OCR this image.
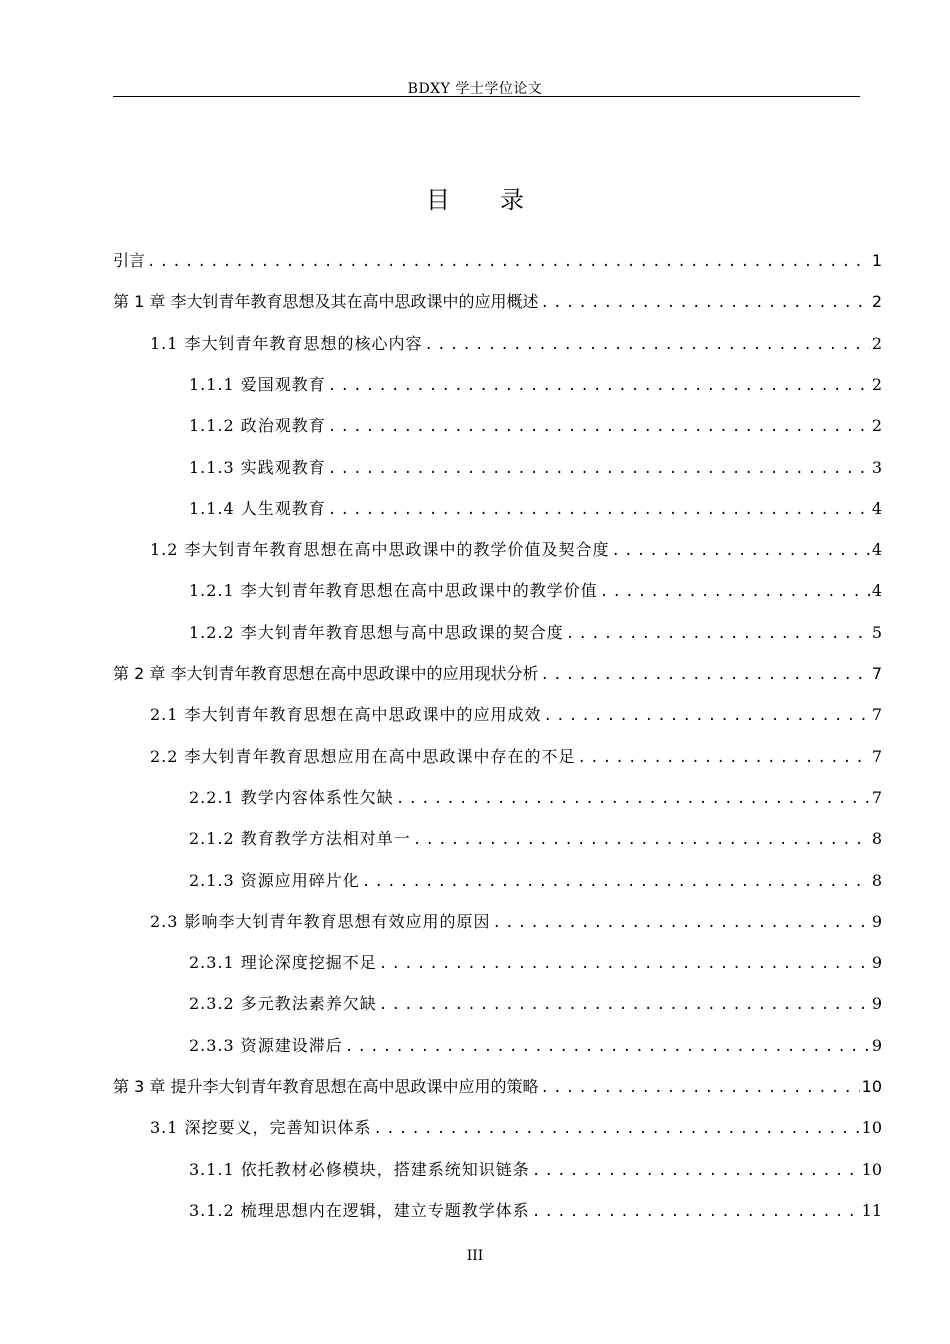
BDXY 学士学位论文
目录
引言 .....	1
第 1 章 李大钊青年教育思想及其在高中思政课中的应用概述 .....	2
1.1 李大钊青年教育思想的核心内容 .....	2
1.1.1 爱国观教育 .....	2
1.1.2 政治观教育 .....	2
1.1.3 实践观教育 .....	3
1.1.4 人生观教育 .....	4
1.2 李大钊青年教育思想在高中思政课中的教学价值及契合度 .....	4
1.2.1 李大钊青年教育思想在高中思政课中的教学价值 .....	4
1.2.2 李大钊青年教育思想与高中思政课的契合度 .....	5
第 2 章 李大钊青年教育思想在高中思政课中的应用现状分析 .....	7
2.1 李大钊青年教育思想在高中思政课中的应用成效 .....	7
2.2 李大钊青年教育思想应用在高中思政课中存在的不足 .....	7
2.2.1 教学内容体系性欠缺 .....	7
2.1.2 教育教学方法相对单一 .....	8
2.1.3 资源应用碎片化 .....	8
2.3 影响李大钊青年教育思想有效应用的原因 .....	9
2.3.1 理论深度挖掘不足 .....	9
2.3.2 多元教法素养欠缺 .....	9
2.3.3 资源建设滞后 .....	9
第 3 章 提升李大钊青年教育思想在高中思政课中应用的策略 .....	10
3.1 深挖要义，完善知识体系 .....	10
3.1.1 依托教材必修模块，搭建系统知识链条 .....	10
3.1.2 梳理思想内在逻辑，建立专题教学体系 .....	11
III
